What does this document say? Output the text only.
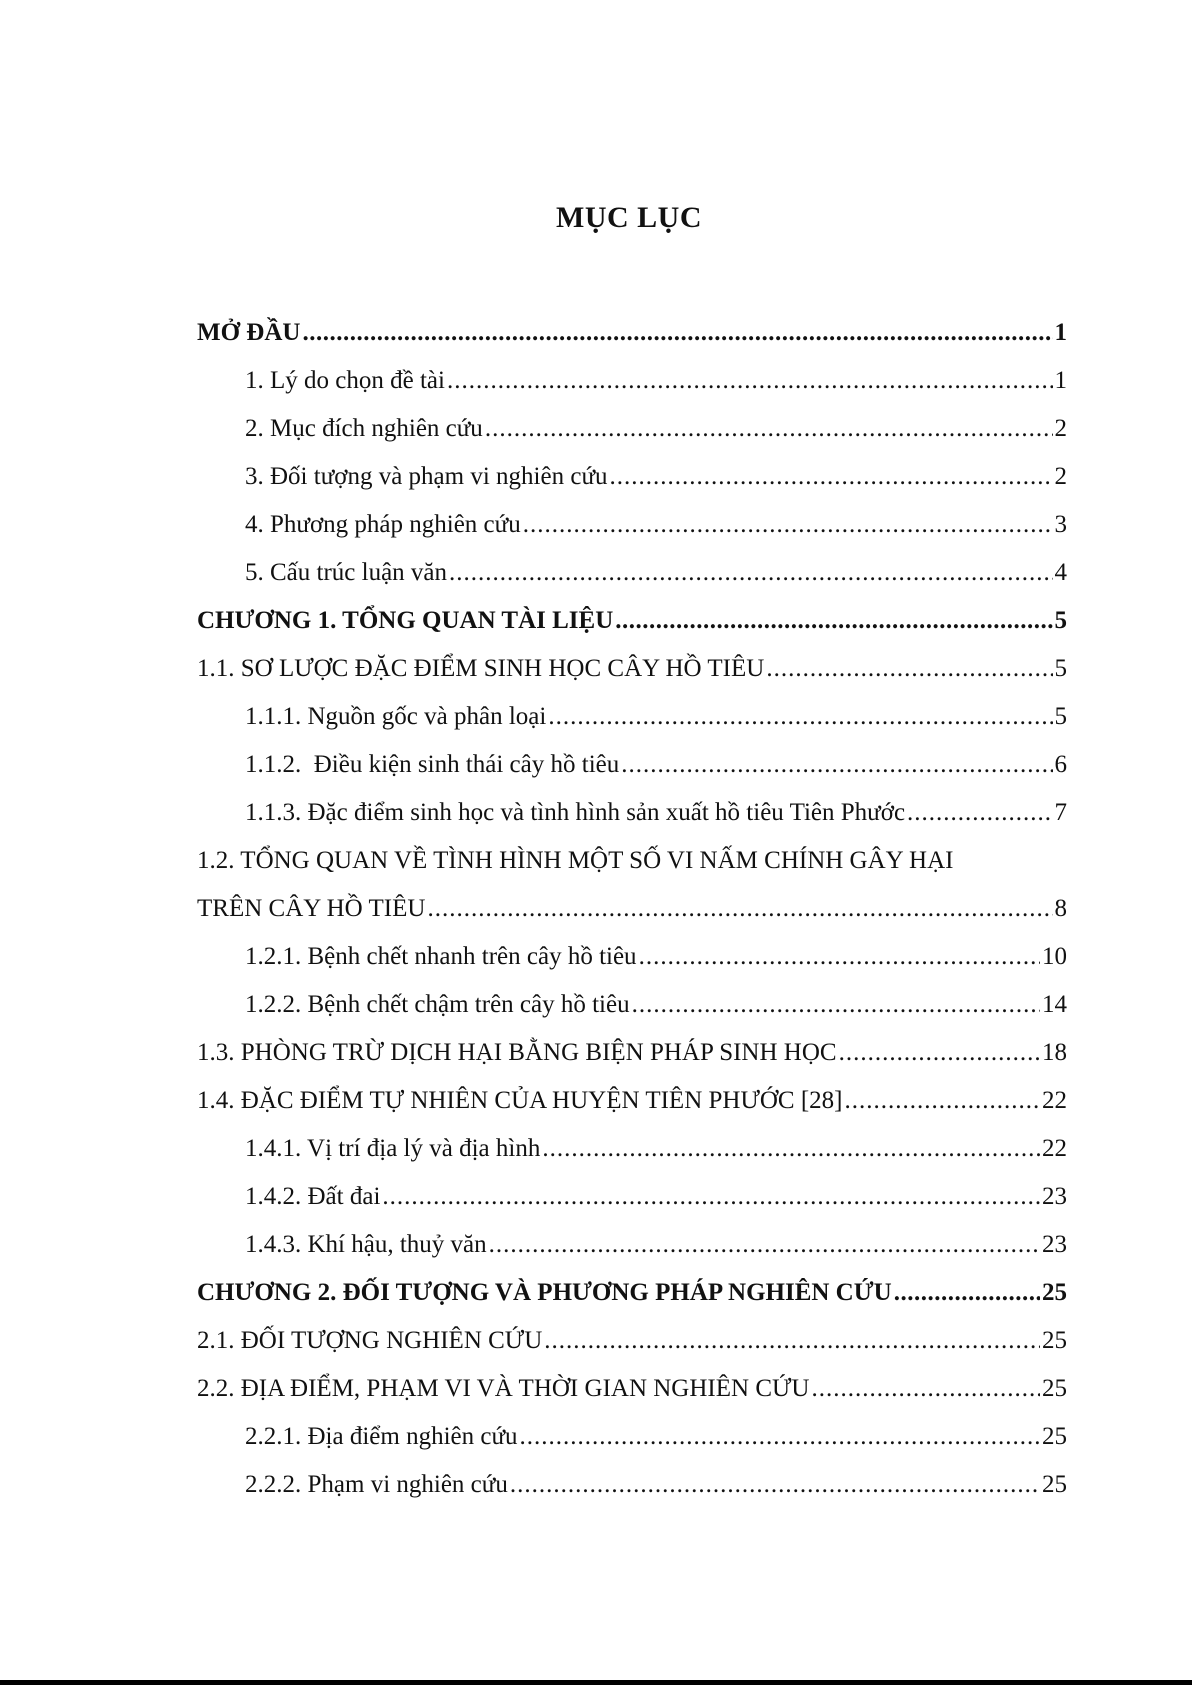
MỤC LỤC
MỞ ĐẦU .....	1
1. Lý do chọn đề tài .....	1
2. Mục đích nghiên cứu .....	2
3. Đối tượng và phạm vi nghiên cứu .....	2
4. Phương pháp nghiên cứu .....	3
5. Cấu trúc luận văn .....	4
CHƯƠNG 1. TỔNG QUAN TÀI LIỆU .....	5
1.1. SƠ LƯỢC ĐẶC ĐIỂM SINH HỌC CÂY HỒ TIÊU .....	5
1.1.1. Nguồn gốc và phân loại .....	5
1.1.2.  Điều kiện sinh thái cây hồ tiêu .....	6
1.1.3. Đặc điểm sinh học và tình hình sản xuất hồ tiêu Tiên Phước .....	7
1.2. TỔNG QUAN VỀ TÌNH HÌNH MỘT SỐ VI NẤM CHÍNH GÂY HẠI
TRÊN CÂY HỒ TIÊU .....	8
1.2.1. Bệnh chết nhanh trên cây hồ tiêu .....	10
1.2.2. Bệnh chết chậm trên cây hồ tiêu .....	14
1.3. PHÒNG TRỪ DỊCH HẠI BẰNG BIỆN PHÁP SINH HỌC .....	18
1.4. ĐẶC ĐIỂM TỰ NHIÊN CỦA HUYỆN TIÊN PHƯỚC [28] .....	22
1.4.1. Vị trí địa lý và địa hình .....	22
1.4.2. Đất đai .....	23
1.4.3. Khí hậu, thuỷ văn .....	23
CHƯƠNG 2. ĐỐI TƯỢNG VÀ PHƯƠNG PHÁP NGHIÊN CỨU .....	25
2.1. ĐỐI TƯỢNG NGHIÊN CỨU .....	25
2.2. ĐỊA ĐIỂM, PHẠM VI VÀ THỜI GIAN NGHIÊN CỨU .....	25
2.2.1. Địa điểm nghiên cứu .....	25
2.2.2. Phạm vi nghiên cứu .....	25
